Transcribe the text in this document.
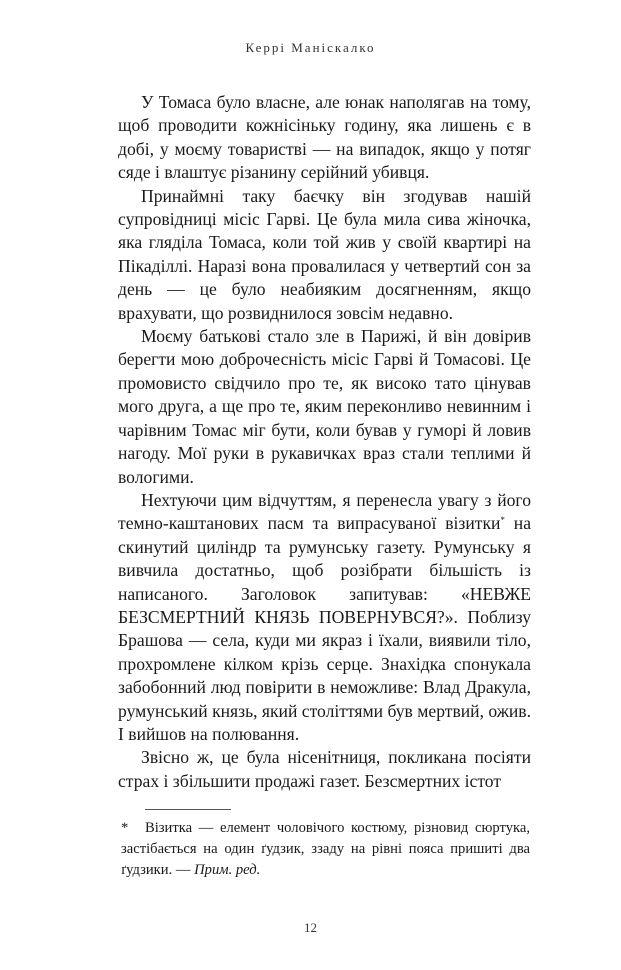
Керрі Маніскалко

У Томаса було власне, але юнак наполягав на тому, щоб проводити кожнісіньку годину, яка лишень є в добі, у моєму товаристві — на випадок, якщо у потяг сяде і влаштує різанину серійний убивця.

Принаймні таку баєчку він згодував нашій супровідниці місіс Гарві. Це була мила сива жіночка, яка гляділа Томаса, коли той жив у своїй квартирі на Пікаділлі. Наразі вона провалилася у четвертий сон за день — це було неабияким досягненням, якщо врахувати, що розвиднилося зовсім недавно.

Моєму батькові стало зле в Парижі, й він довірив берегти мою доброчесність місіс Гарві й Томасові. Це промовисто свідчило про те, як високо тато цінував мого друга, а ще про те, яким переконливо невинним і чарівним Томас міг бути, коли бував у гуморі й ловив нагоду. Мої руки в рукавичках враз стали теплими й вологими.

Нехтуючи цим відчуттям, я перенесла увагу з його темно-каштанових пасм та випрасуваної візитки* на скинутий циліндр та румунську газету. Румунську я вивчила достатньо, щоб розібрати більшість із написаного. Заголовок запитував: «НЕВЖЕ БЕЗСМЕРТНИЙ КНЯЗЬ ПОВЕРНУВСЯ?». Поблизу Брашова — села, куди ми якраз і їхали, виявили тіло, прохромлене кілком крізь серце. Знахідка спонукала забобонний люд повірити в неможливе: Влад Дракула, румунський князь, який століттями був мертвий, ожив. І вийшов на полювання.

Звісно ж, це була нісенітниця, покликана посіяти страх і збільшити продажі газет. Безсмертних істот

* Візитка — елемент чоловічого костюму, різновид сюртука, застібається на один ґудзик, ззаду на рівні пояса пришиті два ґудзики. — Прим. ред.
12
